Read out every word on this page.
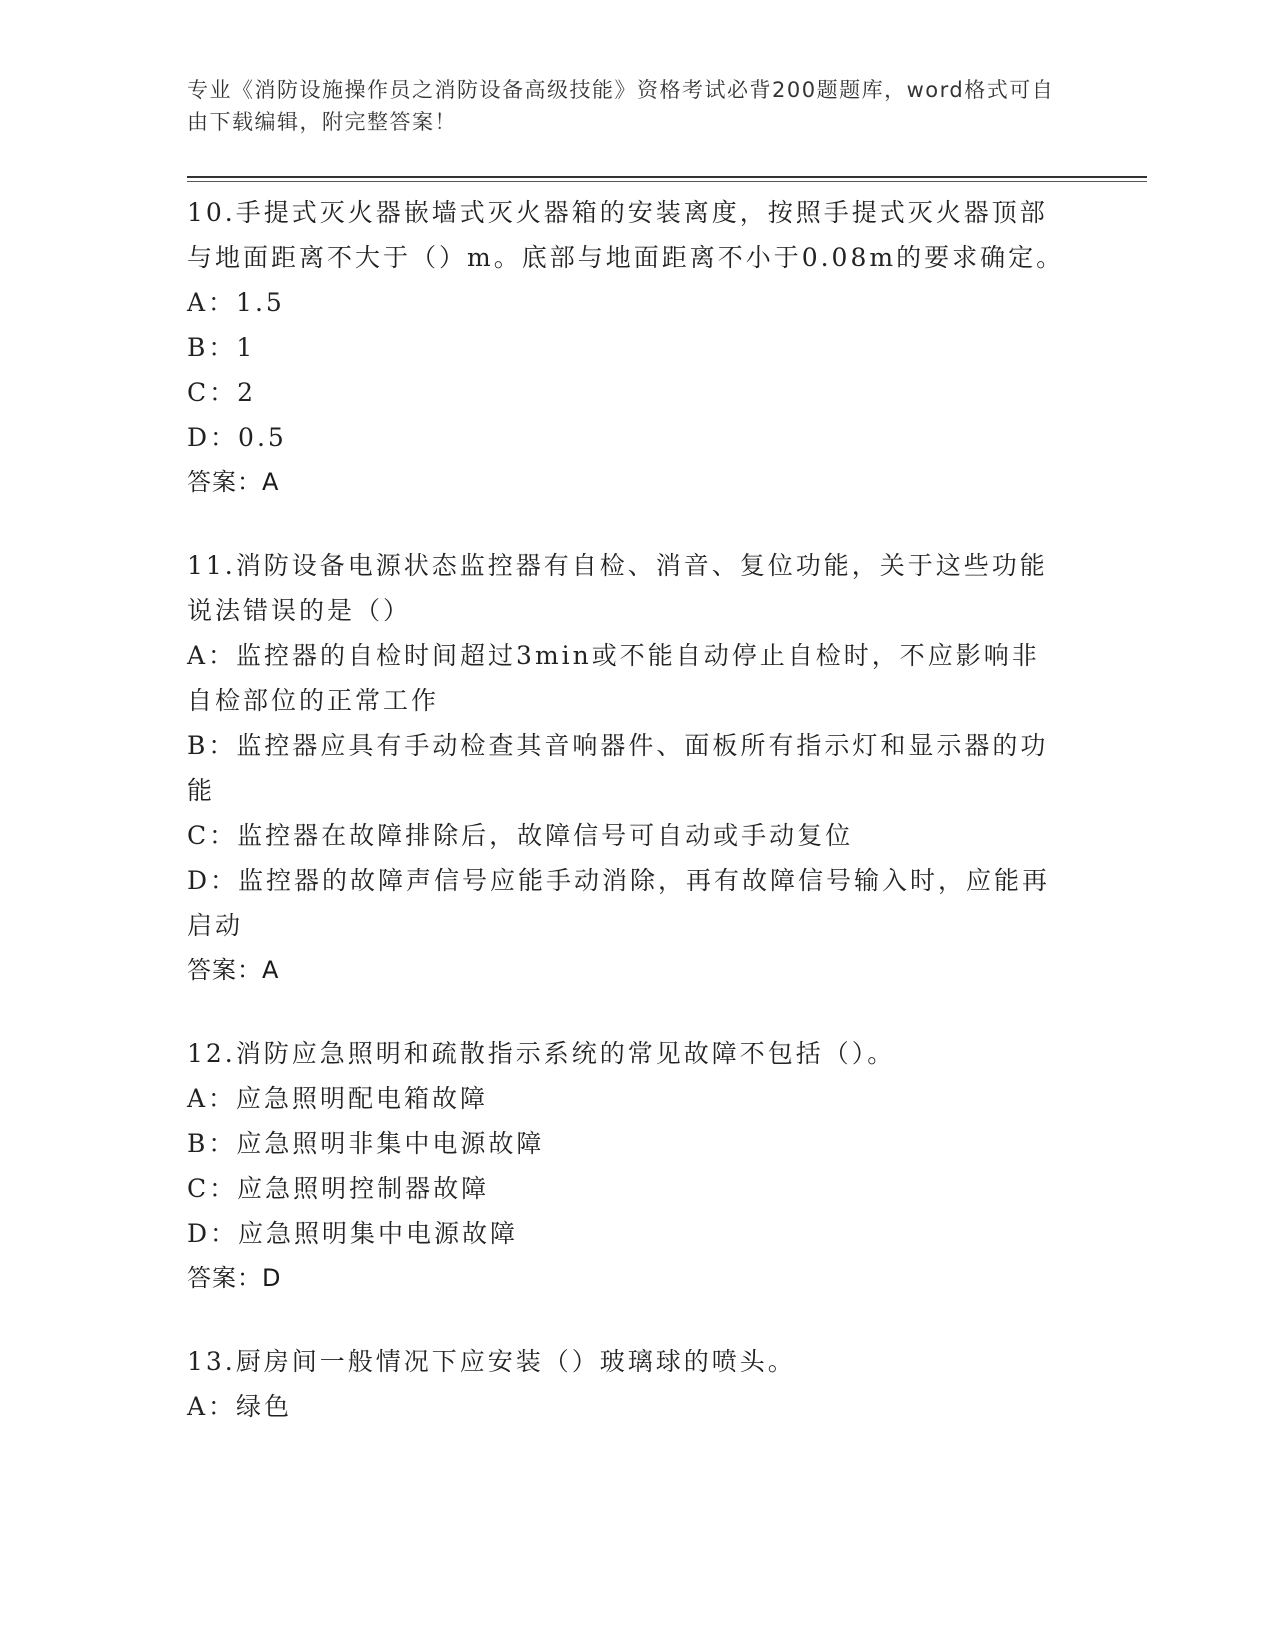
专业《消防设施操作员之消防设备高级技能》资格考试必背200题题库，word格式可自由下载编辑，附完整答案！
10.手提式灭火器嵌墙式灭火器箱的安装离度，按照手提式灭火器顶部与地面距离不大于（）m。底部与地面距离不小于0.08m的要求确定。
A：1.5
B：1
C：2
D：0.5
答案：A
11.消防设备电源状态监控器有自检、消音、复位功能，关于这些功能说法错误的是（）
A：监控器的自检时间超过3min或不能自动停止自检时，不应影响非自检部位的正常工作
B：监控器应具有手动检查其音响器件、面板所有指示灯和显示器的功能
C：监控器在故障排除后，故障信号可自动或手动复位
D：监控器的故障声信号应能手动消除，再有故障信号输入时，应能再启动
答案：A
12.消防应急照明和疏散指示系统的常见故障不包括（）。
A：应急照明配电箱故障
B：应急照明非集中电源故障
C：应急照明控制器故障
D：应急照明集中电源故障
答案：D
13.厨房间一般情况下应安装（）玻璃球的喷头。
A：绿色
